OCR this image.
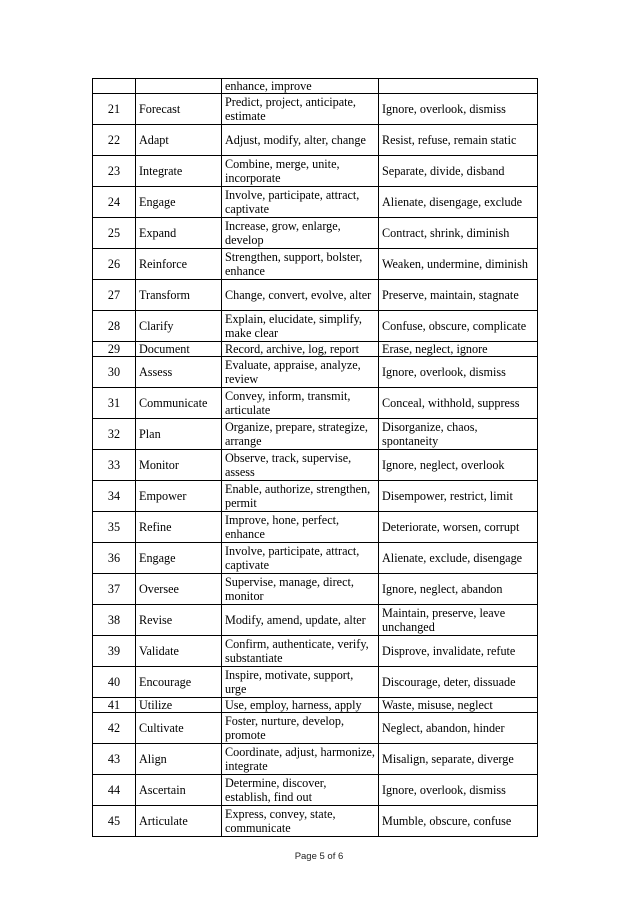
		enhance, improve	
21	Forecast	Predict, project, anticipate, estimate	Ignore, overlook, dismiss
22	Adapt	Adjust, modify, alter, change	Resist, refuse, remain static
23	Integrate	Combine, merge, unite, incorporate	Separate, divide, disband
24	Engage	Involve, participate, attract, captivate	Alienate, disengage, exclude
25	Expand	Increase, grow, enlarge, develop	Contract, shrink, diminish
26	Reinforce	Strengthen, support, bolster, enhance	Weaken, undermine, diminish
27	Transform	Change, convert, evolve, alter	Preserve, maintain, stagnate
28	Clarify	Explain, elucidate, simplify, make clear	Confuse, obscure, complicate
29	Document	Record, archive, log, report	Erase, neglect, ignore
30	Assess	Evaluate, appraise, analyze, review	Ignore, overlook, dismiss
31	Communicate	Convey, inform, transmit, articulate	Conceal, withhold, suppress
32	Plan	Organize, prepare, strategize, arrange	Disorganize, chaos, spontaneity
33	Monitor	Observe, track, supervise, assess	Ignore, neglect, overlook
34	Empower	Enable, authorize, strengthen, permit	Disempower, restrict, limit
35	Refine	Improve, hone, perfect, enhance	Deteriorate, worsen, corrupt
36	Engage	Involve, participate, attract, captivate	Alienate, exclude, disengage
37	Oversee	Supervise, manage, direct, monitor	Ignore, neglect, abandon
38	Revise	Modify, amend, update, alter	Maintain, preserve, leave unchanged
39	Validate	Confirm, authenticate, verify, substantiate	Disprove, invalidate, refute
40	Encourage	Inspire, motivate, support, urge	Discourage, deter, dissuade
41	Utilize	Use, employ, harness, apply	Waste, misuse, neglect
42	Cultivate	Foster, nurture, develop, promote	Neglect, abandon, hinder
43	Align	Coordinate, adjust, harmonize, integrate	Misalign, separate, diverge
44	Ascertain	Determine, discover, establish, find out	Ignore, overlook, dismiss
45	Articulate	Express, convey, state, communicate	Mumble, obscure, confuse
Page 5 of 6
